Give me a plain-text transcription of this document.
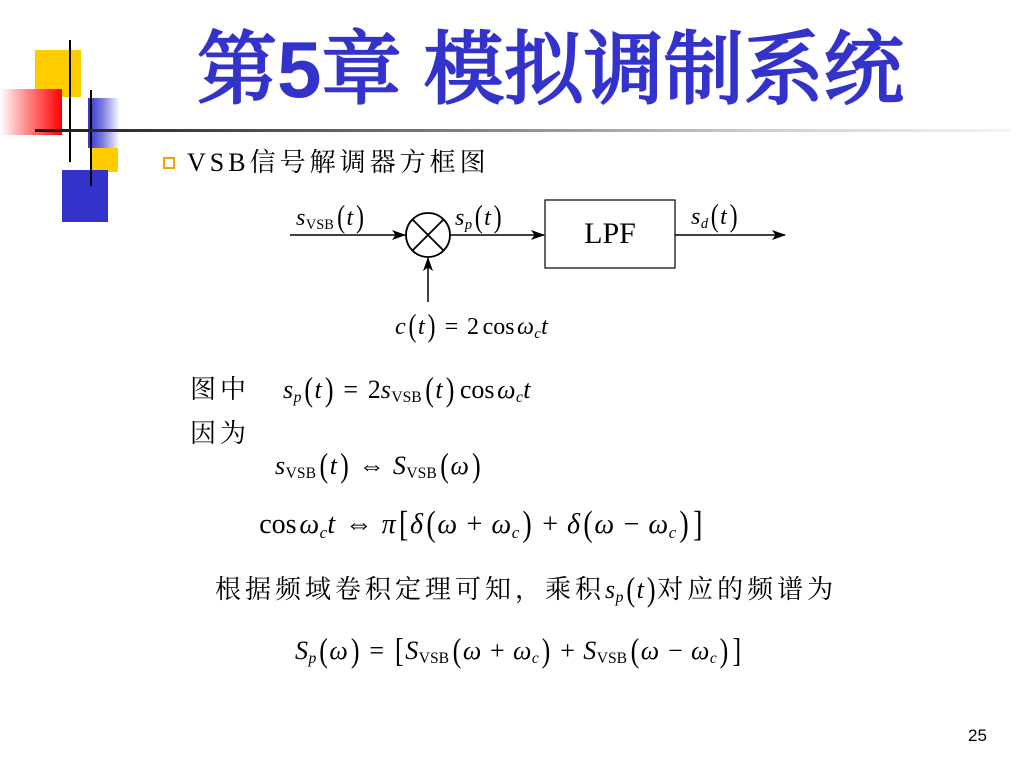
第5章 模拟调制系统
VSB信号解调器方框图
$s_{VSB}$ (t )	$s_p$ (t )	LPF	$s_d$ (t )
c (t ) = 2 cosω$_c$t
图中 $s_p$ (t ) = $2s_{VSB}$ (t ) cosω$_c$t
因为
$s_{VSB}$ (t ) ⇔ $S_{VSB}$ (ω )
cosω$_c$t ⇔ π [δ ($\omega + \omega_c$ ) + δ ($\omega - \omega_c$ ) ]
根据频域卷积定理可知，乘积$s_p$ (t )对应的频谱为
$S_p$ (ω ) = [$S_{VSB}$ ($\omega + \omega_c$ ) + $S_{VSB}$ ($\omega - \omega_c$ ) ]
25
